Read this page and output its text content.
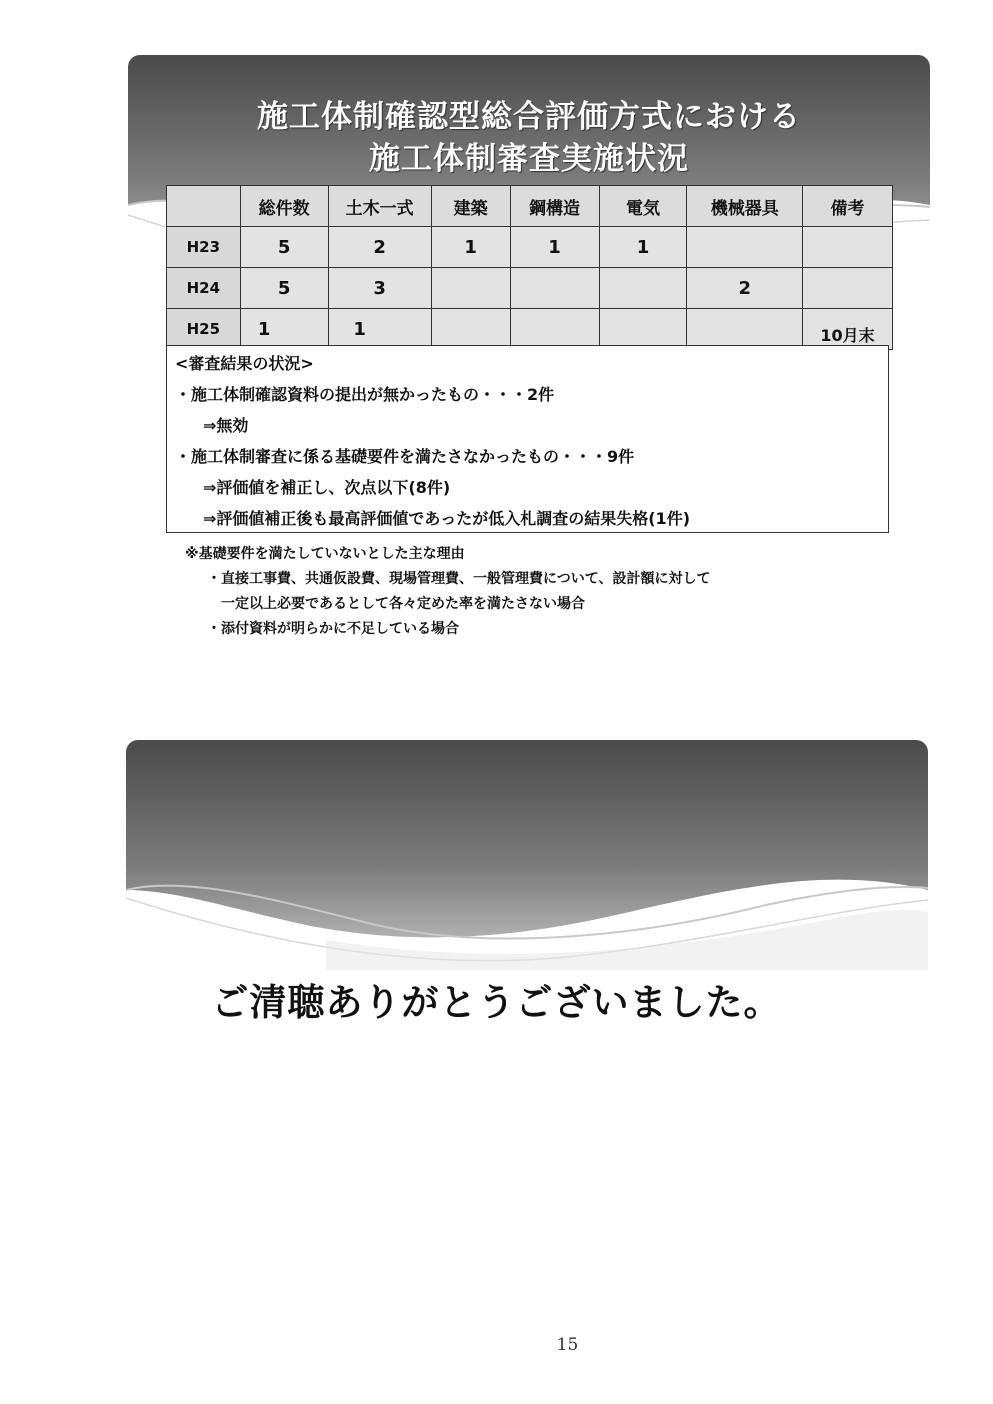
施工体制確認型総合評価方式における
施工体制審査実施状況
	総件数	土木一式	建築	鋼構造	電気	機械器具	備考
H23	5	2	1	1	1		
H24	5	3				2	
H25	1	1					10月末
<審査結果の状況>
・施工体制確認資料の提出が無かったもの・・・2件
⇒無効
・施工体制審査に係る基礎要件を満たさなかったもの・・・9件
⇒評価値を補正し、次点以下(8件)
⇒評価値補正後も最高評価値であったが低入札調査の結果失格(1件)
※基礎要件を満たしていないとした主な理由
・直接工事費、共通仮設費、現場管理費、一般管理費について、設計額に対して
一定以上必要であるとして各々定めた率を満たさない場合
・添付資料が明らかに不足している場合
ご清聴ありがとうございました。
15
